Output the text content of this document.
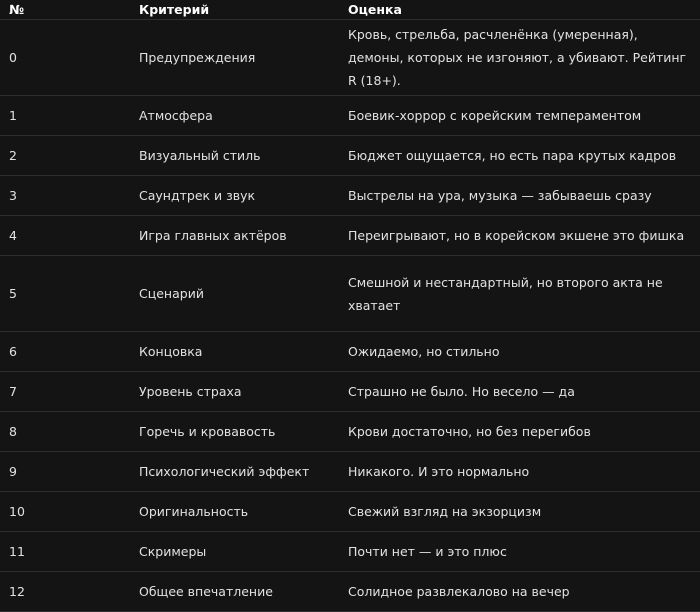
№	Критерий	Оценка
0	Предупреждения	Кровь, стрельба, расчленёнка (умеренная), демоны, которых не изгоняют, а убивают. Рейтинг R (18+).
1	Атмосфера	Боевик-хоррор с корейским темпераментом
2	Визуальный стиль	Бюджет ощущается, но есть пара крутых кадров
3	Саундтрек и звук	Выстрелы на ура, музыка — забываешь сразу
4	Игра главных актёров	Переигрывают, но в корейском экшене это фишка
5	Сценарий	Смешной и нестандартный, но второго акта не хватает
6	Концовка	Ожидаемо, но стильно
7	Уровень страха	Страшно не было. Но весело — да
8	Горечь и кровавость	Крови достаточно, но без перегибов
9	Психологический эффект	Никакого. И это нормально
10	Оригинальность	Свежий взгляд на экзорцизм
11	Скримеры	Почти нет — и это плюс
12	Общее впечатление	Солидное развлекалово на вечер
